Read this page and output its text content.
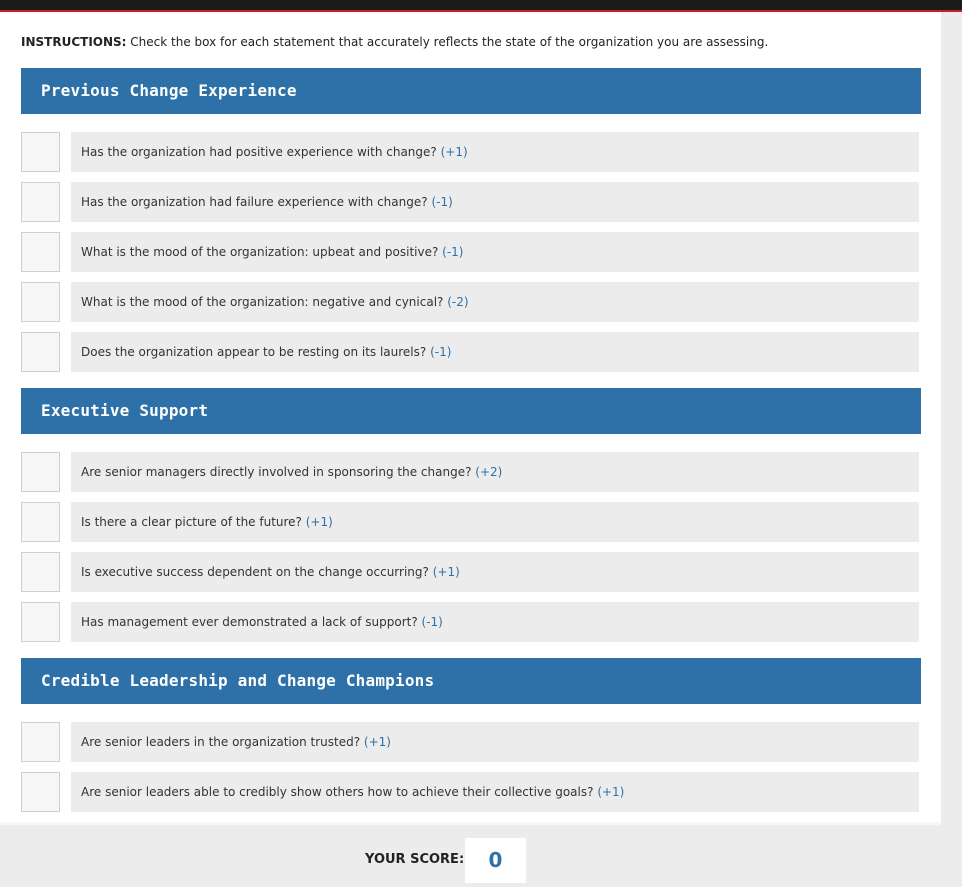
INSTRUCTIONS: Check the box for each statement that accurately reflects the state of the organization you are assessing.
Previous Change Experience
Has the organization had positive experience with change? (+1)
Has the organization had failure experience with change? (-1)
What is the mood of the organization: upbeat and positive? (-1)
What is the mood of the organization: negative and cynical? (-2)
Does the organization appear to be resting on its laurels? (-1)
Executive Support
Are senior managers directly involved in sponsoring the change? (+2)
Is there a clear picture of the future? (+1)
Is executive success dependent on the change occurring? (+1)
Has management ever demonstrated a lack of support? (-1)
Credible Leadership and Change Champions
Are senior leaders in the organization trusted? (+1)
Are senior leaders able to credibly show others how to achieve their collective goals? (+1)
YOUR SCORE:	0
